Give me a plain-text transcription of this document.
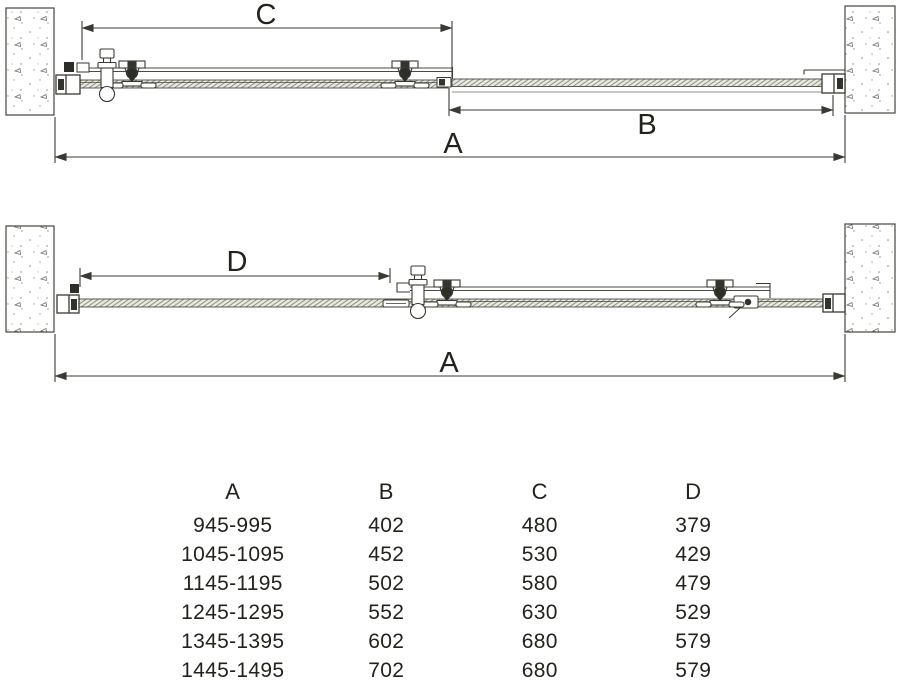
C
B
A
D
A
A	B	C	D
945-995	402	480	379
1045-1095	452	530	429
1145-1195	502	580	479
1245-1295	552	630	529
1345-1395	602	680	579
1445-1495	702	680	579
